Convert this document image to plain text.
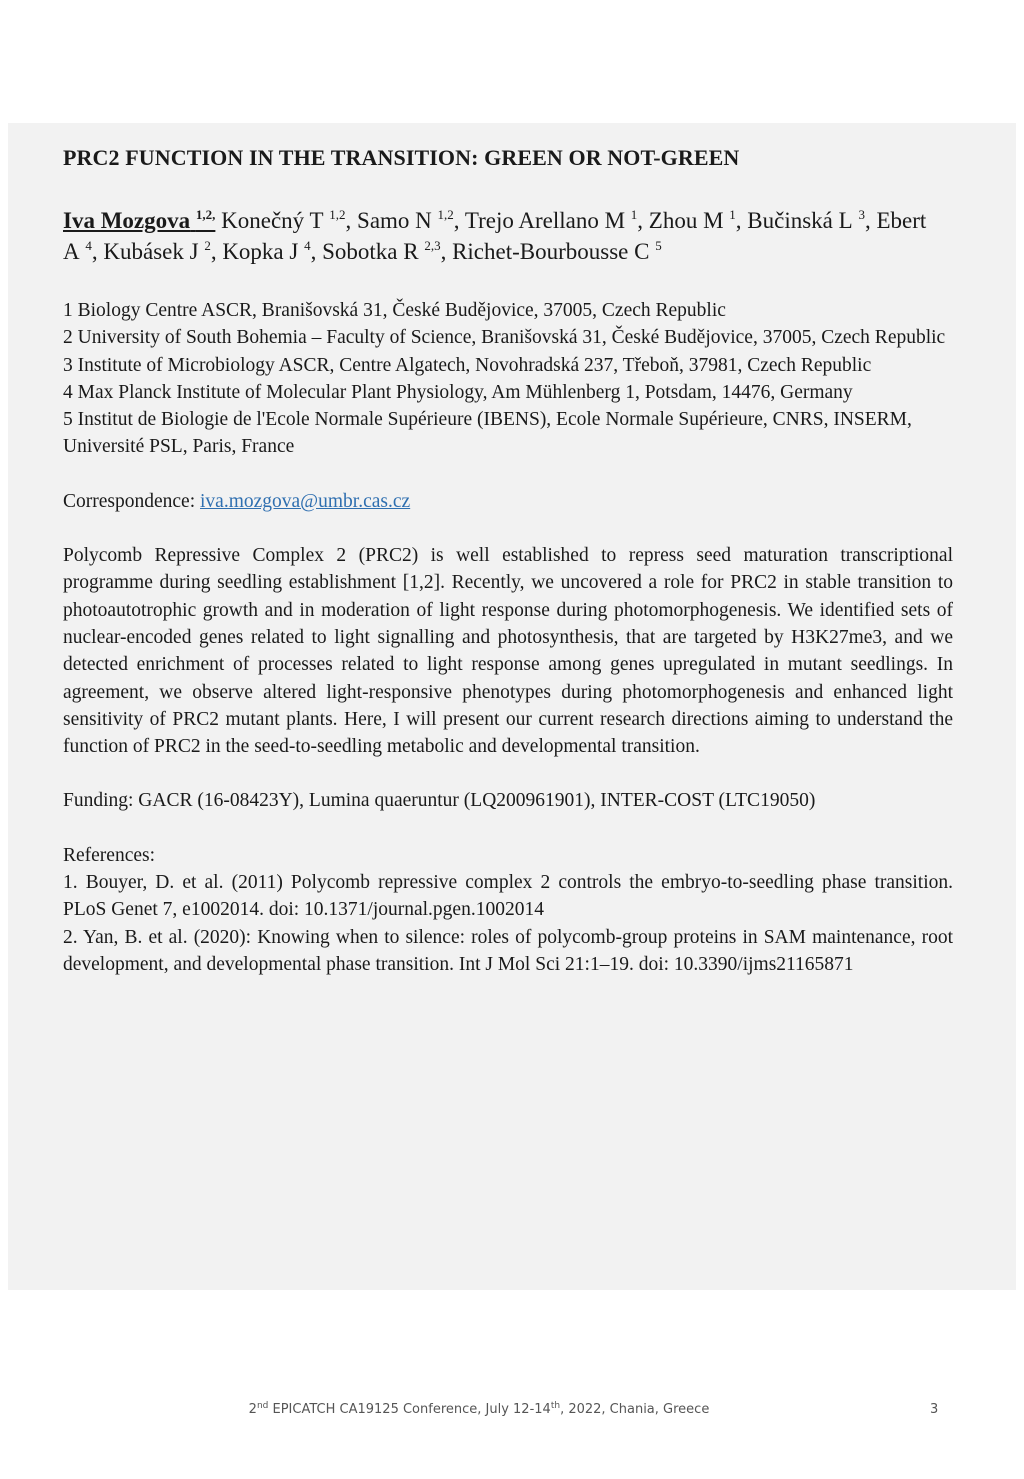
PRC2 FUNCTION IN THE TRANSITION: GREEN OR NOT-GREEN
Iva Mozgova $^{1,2,}$ Konečný T $^{1,2}$, Samo N $^{1,2}$, Trejo Arellano M $^1$, Zhou M $^1$, Bučinská L $^3$, Ebert A $^4$, Kubásek J $^2$, Kopka J $^4$, Sobotka R $^{2,3}$, Richet-Bourbousse C $^5$

1 Biology Centre ASCR, Branišovská 31, České Budějovice, 37005, Czech Republic

2 University of South Bohemia – Faculty of Science, Branišovská 31, České Budějovice, 37005, Czech Republic

3 Institute of Microbiology ASCR, Centre Algatech, Novohradská 237, Třeboň, 37981, Czech Republic

4 Max Planck Institute of Molecular Plant Physiology, Am Mühlenberg 1, Potsdam, 14476, Germany

5 Institut de Biologie de l'Ecole Normale Supérieure (IBENS), Ecole Normale Supérieure, CNRS, INSERM, Université PSL, Paris, France

Correspondence: iva.mozgova@umbr.cas.cz
Polycomb Repressive Complex 2 (PRC2) is well established to repress seed maturation transcriptional programme during seedling establishment [1,2]. Recently, we uncovered a role for PRC2 in stable transition to photoautotrophic growth and in moderation of light response during photomorphogenesis. We identified sets of nuclear-encoded genes related to light signalling and photosynthesis, that are targeted by H3K27me3, and we detected enrichment of processes related to light response among genes upregulated in mutant seedlings. In agreement, we observe altered light-responsive phenotypes during photomorphogenesis and enhanced light sensitivity of PRC2 mutant plants. Here, I will present our current research directions aiming to understand the function of PRC2 in the seed-to-seedling metabolic and developmental transition.
Funding: GACR (16-08423Y), Lumina quaeruntur (LQ200961901), INTER-COST (LTC19050)

References:

1. Bouyer, D. et al. (2011) Polycomb repressive complex 2 controls the embryo-to-seedling phase transition. PLoS Genet 7, e1002014. doi: 10.1371/journal.pgen.1002014

2. Yan, B. et al. (2020): Knowing when to silence: roles of polycomb-group proteins in SAM maintenance, root development, and developmental phase transition. Int J Mol Sci 21:1–19. doi: 10.3390/ijms21165871

2nd EPICATCH CA19125 Conference, July 12-14th, 2022, Chania, Greece	3
